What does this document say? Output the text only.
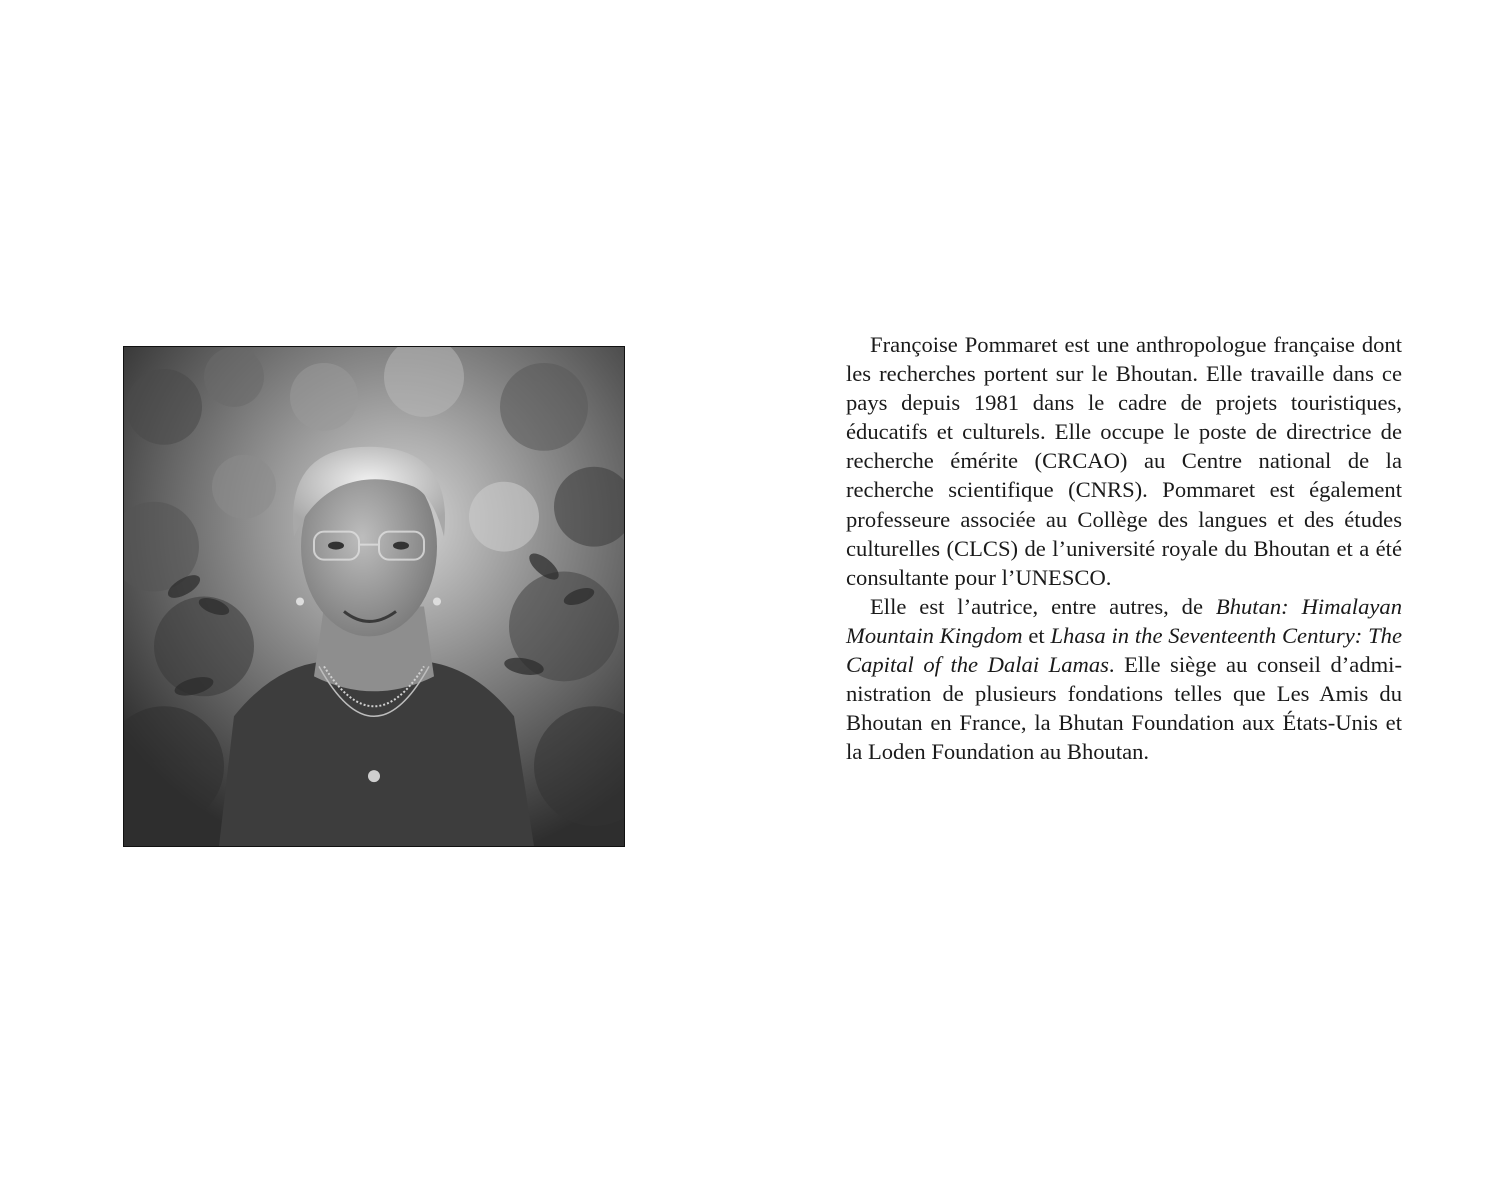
Françoise Pommaret est une anthropologue française dont les recherches portent sur le Bhoutan. Elle travaille dans ce pays depuis 1981 dans le cadre de projets touristiques, éducatifs et culturels. Elle occupe le poste de directrice de recherche émérite (CRCAO) au Centre national de la recherche scientifique (CNRS). Pommaret est également professeure associée au Collège des langues et des études culturelles (CLCS) de l’université royale du Bhoutan et a été consultante pour l’UNESCO.

Elle est l’autrice, entre autres, de Bhutan: Himalayan Mountain Kingdom et Lhasa in the Seventeenth Century: The Capital of the Dalai Lamas. Elle siège au conseil d’administration de plusieurs fondations telles que Les Amis du Bhoutan en France, la Bhutan Foundation aux États-Unis et la Loden Foundation au Bhoutan.
